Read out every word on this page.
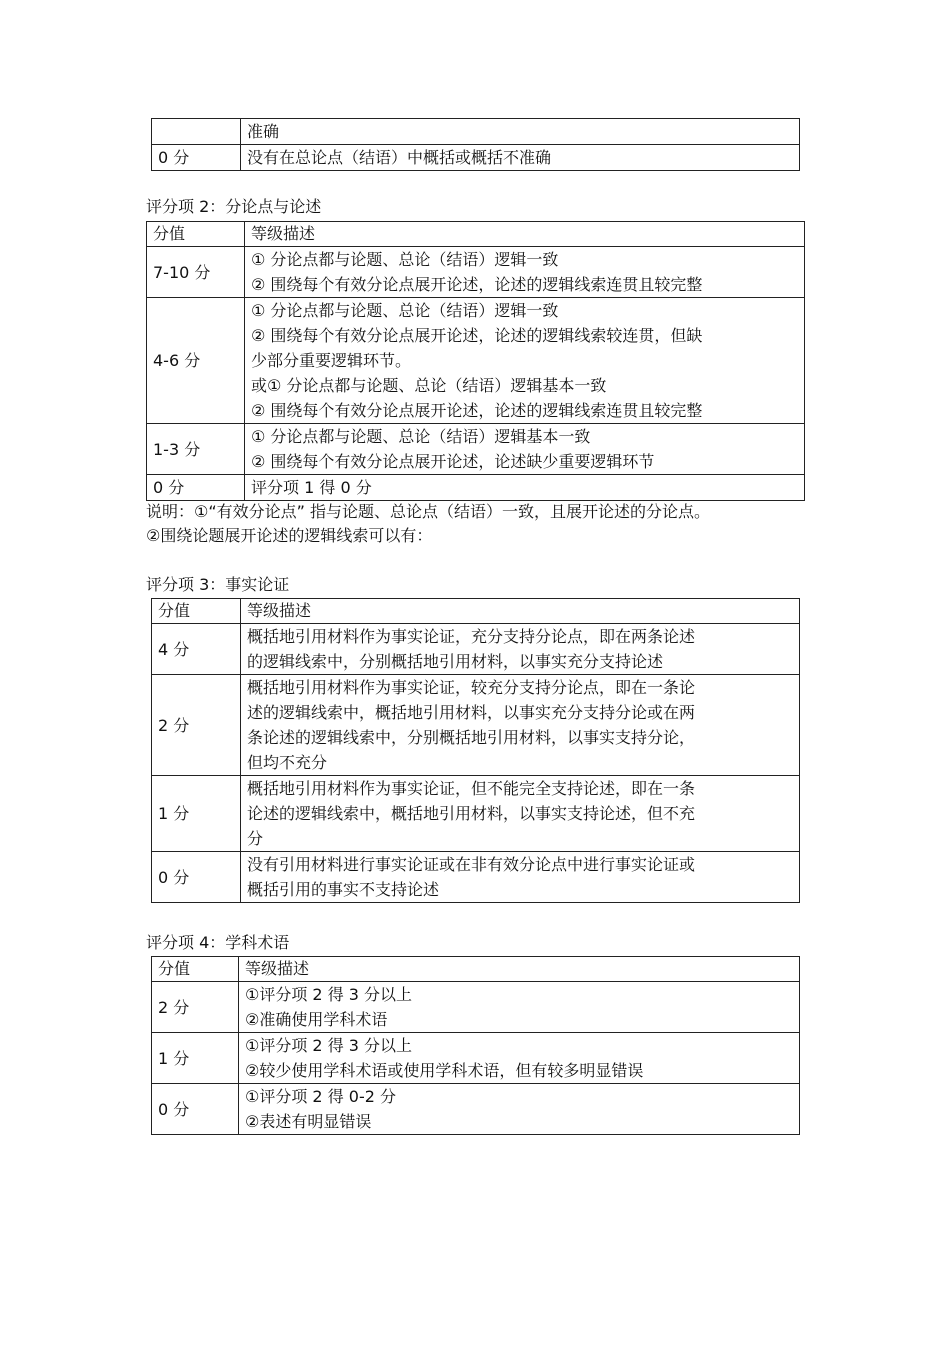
	准确

0 分	没有在总论点（结语）中概括或概括不准确
评分项 2：分论点与论述
分值	等级描述
7-10 分	① 分论点都与论题、总论（结语）逻辑一致
② 围绕每个有效分论点展开论述，论述的逻辑线索连贯且较完整

4-6 分	① 分论点都与论题、总论（结语）逻辑一致
② 围绕每个有效分论点展开论述，论述的逻辑线索较连贯，但缺
少部分重要逻辑环节。
或① 分论点都与论题、总论（结语）逻辑基本一致
② 围绕每个有效分论点展开论述，论述的逻辑线索连贯且较完整

1-3 分	① 分论点都与论题、总论（结语）逻辑基本一致
② 围绕每个有效分论点展开论述，论述缺少重要逻辑环节

0 分	评分项 1 得 0 分
说明：①“有效分论点” 指与论题、总论点（结语）一致，且展开论述的分论点。
②围绕论题展开论述的逻辑线索可以有：
评分项 3：事实论证
分值	等级描述
4 分	概括地引用材料作为事实论证，充分支持分论点，即在两条论述
的逻辑线索中，分别概括地引用材料，以事实充分支持论述

2 分	概括地引用材料作为事实论证，较充分支持分论点，即在一条论
述的逻辑线索中，概括地引用材料，以事实充分支持分论或在两
条论述的逻辑线索中，分别概括地引用材料，以事实支持分论，
但均不充分

1 分	概括地引用材料作为事实论证，但不能完全支持论述，即在一条
论述的逻辑线索中，概括地引用材料，以事实支持论述，但不充
分

0 分	没有引用材料进行事实论证或在非有效分论点中进行事实论证或
概括引用的事实不支持论述
评分项 4：学科术语
分值	等级描述
2 分	①评分项 2 得 3 分以上
②准确使用学科术语

1 分	①评分项 2 得 3 分以上
②较少使用学科术语或使用学科术语，但有较多明显错误

0 分	①评分项 2 得 0-2 分
②表述有明显错误
